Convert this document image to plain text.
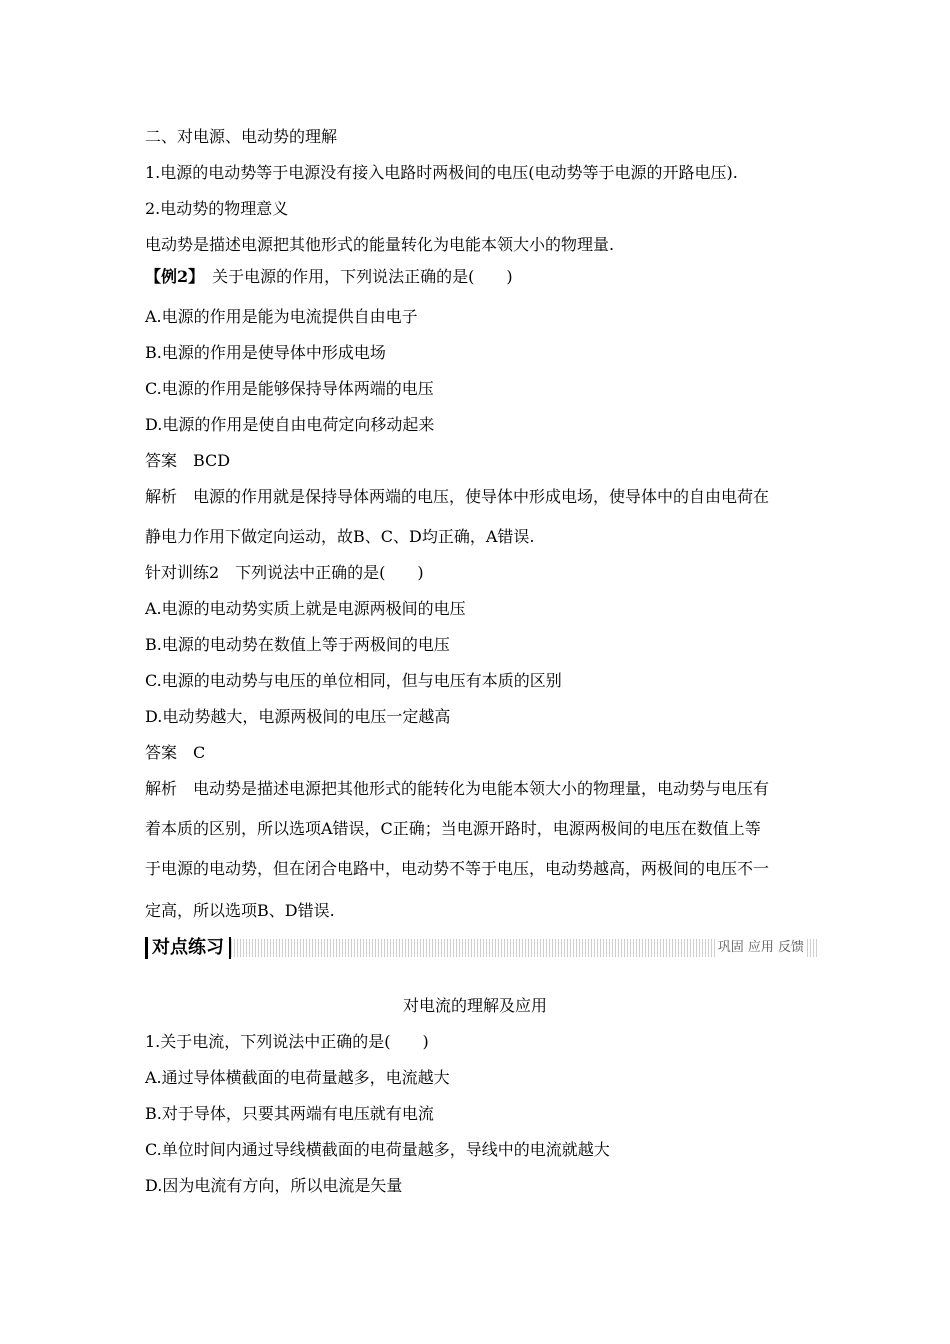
二、对电源、电动势的理解
1.电源的电动势等于电源没有接入电路时两极间的电压(电动势等于电源的开路电压).
2.电动势的物理意义
电动势是描述电源把其他形式的能量转化为电能本领大小的物理量.
【例2】 关于电源的作用，下列说法正确的是(　　)
A.电源的作用是能为电流提供自由电子
B.电源的作用是使导体中形成电场
C.电源的作用是能够保持导体两端的电压
D.电源的作用是使自由电荷定向移动起来
答案　BCD
解析　电源的作用就是保持导体两端的电压，使导体中形成电场，使导体中的自由电荷在
静电力作用下做定向运动，故B、C、D均正确，A错误.
针对训练2　下列说法中正确的是(　　)
A.电源的电动势实质上就是电源两极间的电压
B.电源的电动势在数值上等于两极间的电压
C.电源的电动势与电压的单位相同，但与电压有本质的区别
D.电动势越大，电源两极间的电压一定越高
答案　C
解析　电动势是描述电源把其他形式的能转化为电能本领大小的物理量，电动势与电压有
着本质的区别，所以选项A错误，C正确；当电源开路时，电源两极间的电压在数值上等
于电源的电动势，但在闭合电路中，电动势不等于电压，电动势越高，两极间的电压不一
定高，所以选项B、D错误.
对点练习	巩固 应用 反馈
对电流的理解及应用
1.关于电流，下列说法中正确的是(　　)
A.通过导体横截面的电荷量越多，电流越大
B.对于导体，只要其两端有电压就有电流
C.单位时间内通过导线横截面的电荷量越多，导线中的电流就越大
D.因为电流有方向，所以电流是矢量
